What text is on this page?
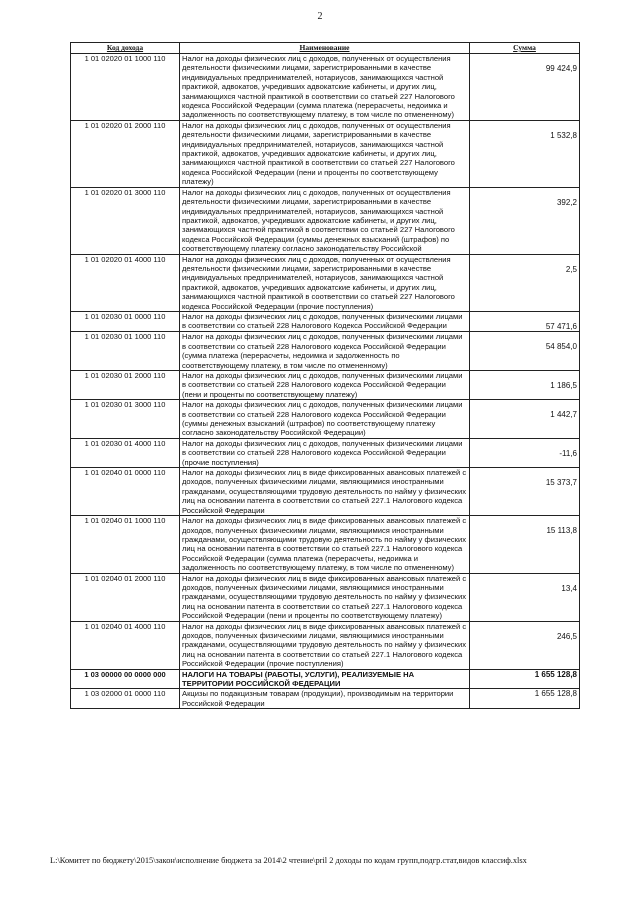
2
Код дохода	Наименование	Сумма
1 01 02020 01 1000 110	Налог на доходы физических лиц с доходов, полученных от осуществления деятельности физическими лицами, зарегистрированными в качестве индивидуальных предпринимателей, нотариусов, занимающихся частной практикой, адвокатов, учредивших адвокатские кабинеты, и других лиц, занимающихся частной практикой в соответствии со статьей 227 Налогового кодекса Российской Федерации (сумма платежа (перерасчеты, недоимка и задолженность по соответствующему платежу, в том числе по отмененному)	99 424,9
1 01 02020 01 2000 110	Налог на доходы физических лиц с доходов, полученных от осуществления деятельности физическими лицами, зарегистрированными в качестве индивидуальных предпринимателей, нотариусов, занимающихся частной практикой, адвокатов, учредивших адвокатские кабинеты, и других лиц, занимающихся частной практикой в соответствии со статьей 227 Налогового кодекса Российской Федерации (пени и проценты по соответствующему платежу)	1 532,8
1 01 02020 01 3000 110	Налог на доходы физических лиц с доходов, полученных от осуществления деятельности физическими лицами, зарегистрированными в качестве индивидуальных предпринимателей, нотариусов, занимающихся частной практикой, адвокатов, учредивших адвокатские кабинеты, и других лиц, занимающихся частной практикой в соответствии со статьей 227 Налогового кодекса Российской Федерации (суммы денежных взысканий (штрафов) по соответствующему платежу согласно законодательству Российской	392,2
1 01 02020 01 4000 110	Налог на доходы физических лиц с доходов, полученных от осуществления деятельности физическими лицами, зарегистрированными в качестве индивидуальных предпринимателей, нотариусов, занимающихся частной практикой, адвокатов, учредивших адвокатские кабинеты, и других лиц, занимающихся частной практикой в соответствии со статьей 227 Налогового кодекса Российской Федерации (прочие поступления)	2,5
1 01 02030 01 0000 110	Налог на доходы физических лиц с доходов, полученных физическими лицами в соответствии со статьей 228 Налогового Кодекса Российской Федерации	57 471,6
1 01 02030 01 1000 110	Налог на доходы физических лиц с доходов, полученных физическими лицами в соответствии со статьей 228 Налогового кодекса Российской Федерации (сумма платежа (перерасчеты, недоимка и задолженность по соответствующему платежу, в том числе по отмененному)	54 854,0
1 01 02030 01 2000 110	Налог на доходы физических лиц с доходов, полученных физическими лицами в соответствии со статьей 228 Налогового кодекса Российской Федерации (пени и проценты по соответствующему платежу)	1 186,5
1 01 02030 01 3000 110	Налог на доходы физических лиц с доходов, полученных физическими лицами в соответствии со статьей 228 Налогового кодекса Российской Федерации (суммы денежных взысканий (штрафов) по соответствующему платежу согласно законодательству Российской Федерации)	1 442,7
1 01 02030 01 4000 110	Налог на доходы физических лиц с доходов, полученных физическими лицами в соответствии со статьей 228 Налогового кодекса Российской Федерации (прочие поступления)	-11,6
1 01 02040 01 0000 110	Налог на доходы физических лиц в виде фиксированных авансовых платежей с доходов, полученных физическими лицами, являющимися иностранными гражданами, осуществляющими трудовую деятельность по найму у физических лиц на основании патента в соответствии со статьей 227.1 Налогового кодекса Российской Федерации	15 373,7
1 01 02040 01 1000 110	Налог на доходы физических лиц в виде фиксированных авансовых платежей с доходов, полученных физическими лицами, являющимися иностранными гражданами, осуществляющими трудовую деятельность по найму у физических лиц на основании патента в соответствии со статьей 227.1 Налогового кодекса Российской Федерации (сумма платежа (перерасчеты, недоимка и задолженность по соответствующему платежу, в том числе по отмененному)	15 113,8
1 01 02040 01 2000 110	Налог на доходы физических лиц в виде фиксированных авансовых платежей с доходов, полученных физическими лицами, являющимися иностранными гражданами, осуществляющими трудовую деятельность по найму у физических лиц на основании патента в соответствии со статьей 227.1 Налогового кодекса Российской Федерации (пени и проценты по соответствующему платежу)	13,4
1 01 02040 01 4000 110	Налог на доходы физических лиц в виде фиксированных авансовых платежей с доходов, полученных физическими лицами, являющимися иностранными гражданами, осуществляющими трудовую деятельность по найму у физических лиц на основании патента в соответствии со статьей 227.1 Налогового кодекса Российской Федерации (прочие поступления)	246,5
1 03 00000 00 0000 000	НАЛОГИ НА ТОВАРЫ (РАБОТЫ, УСЛУГИ), РЕАЛИЗУЕМЫЕ НА ТЕРРИТОРИИ РОССИЙСКОЙ ФЕДЕРАЦИИ	1 655 128,8
1 03 02000 01 0000 110	Акцизы по подакцизным товарам (продукции), производимым на территории Российской Федерации	1 655 128,8
L:\Комитет по бюджету\2015\закон\исполнение бюджета за 2014\2 чтение\pril 2 доходы по кодам групп,подгр.стат,видов классиф.xlsx
